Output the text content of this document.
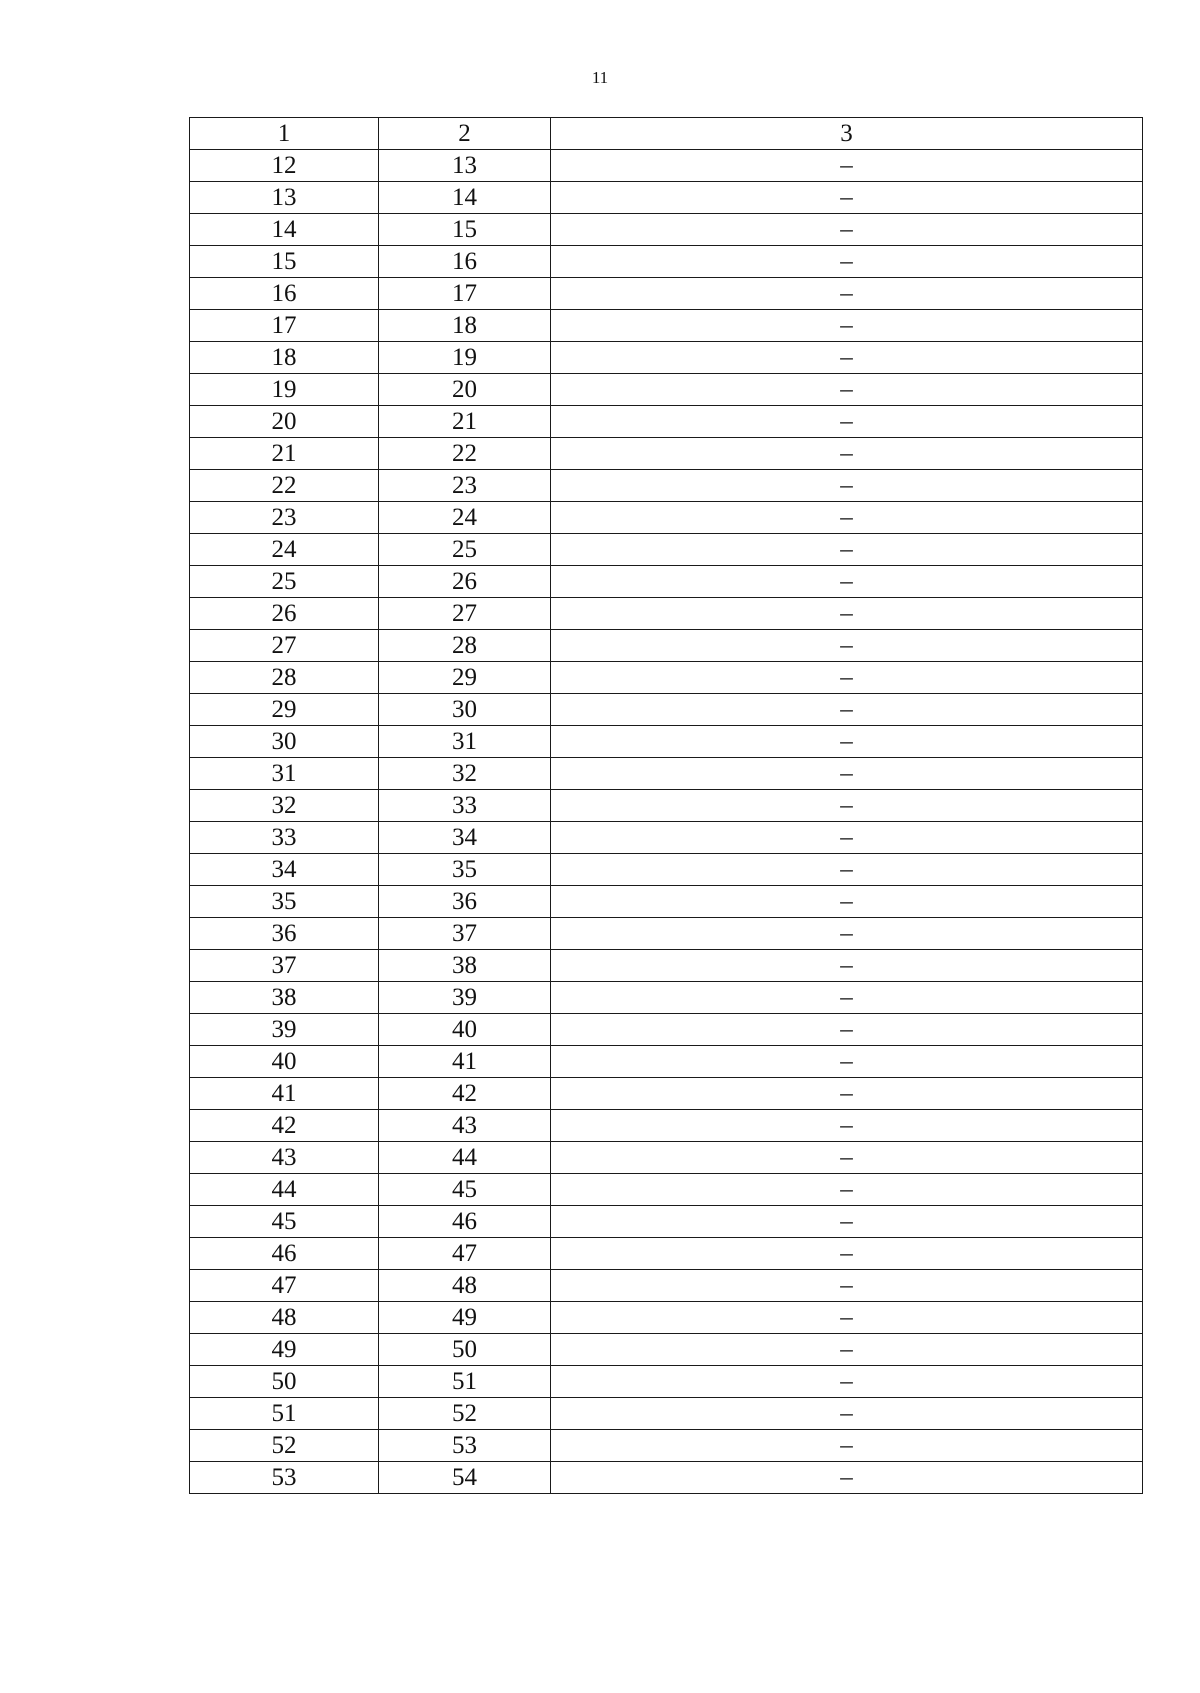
11
1	2	3
12	13	–
13	14	–
14	15	–
15	16	–
16	17	–
17	18	–
18	19	–
19	20	–
20	21	–
21	22	–
22	23	–
23	24	–
24	25	–
25	26	–
26	27	–
27	28	–
28	29	–
29	30	–
30	31	–
31	32	–
32	33	–
33	34	–
34	35	–
35	36	–
36	37	–
37	38	–
38	39	–
39	40	–
40	41	–
41	42	–
42	43	–
43	44	–
44	45	–
45	46	–
46	47	–
47	48	–
48	49	–
49	50	–
50	51	–
51	52	–
52	53	–
53	54	–
